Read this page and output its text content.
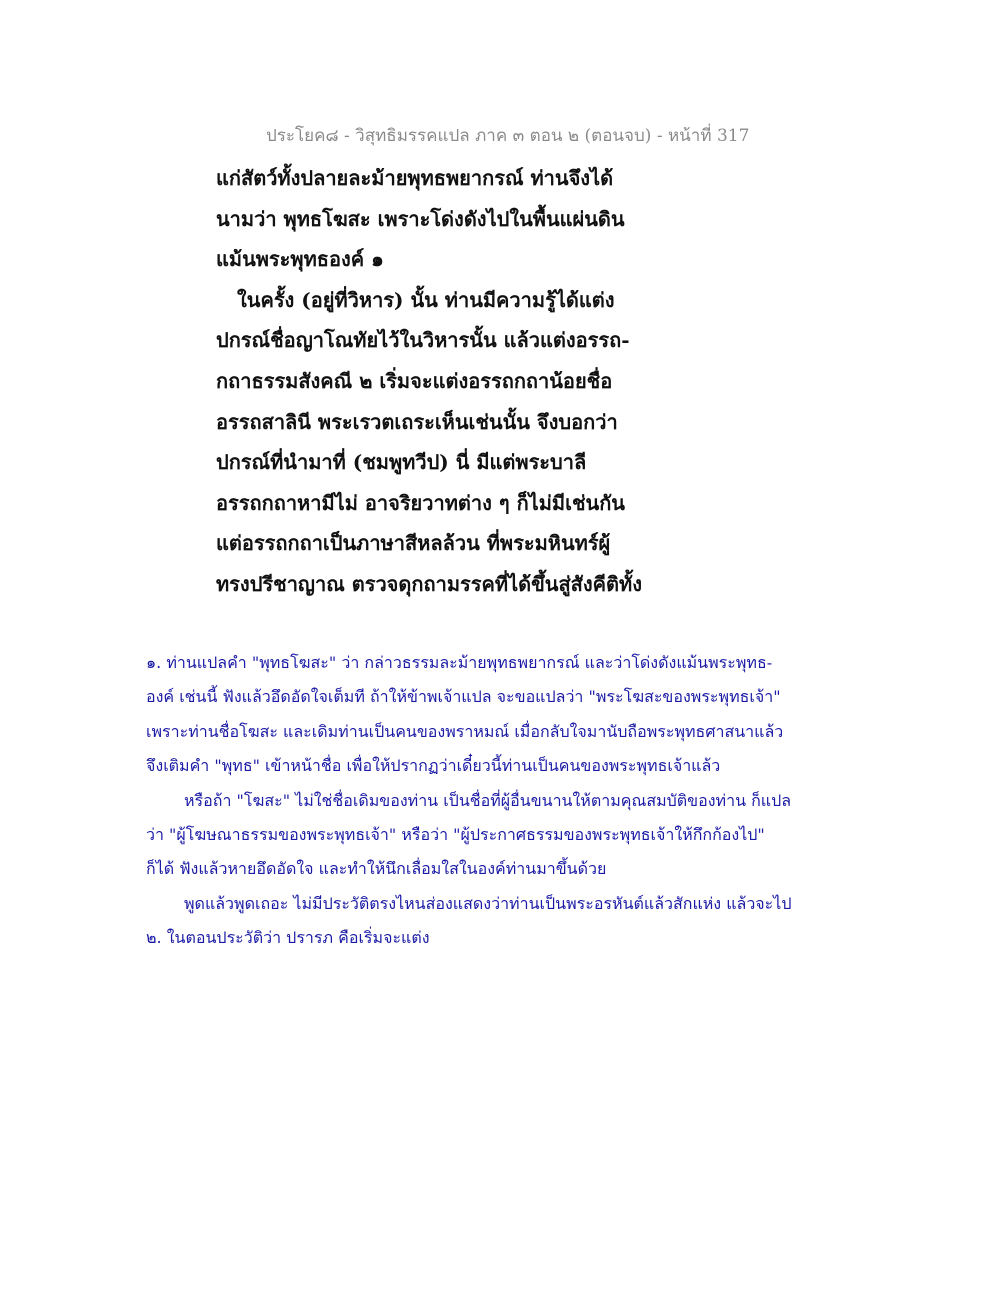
ประโยค๘ - วิสุทธิมรรคแปล ภาค ๓ ตอน ๒ (ตอนจบ) - หน้าที่ 317
แก่สัตว์ทั้งปลายละม้ายพุทธพยากรณ์ ท่านจึงได้
นามว่า พุทธโฆสะ เพราะโด่งดังไปในพื้นแผ่นดิน
แม้นพระพุทธองค์ ๑
ในครั้ง (อยู่ที่วิหาร) นั้น ท่านมีความรู้ได้แต่ง
ปกรณ์ชื่อญาโณทัยไว้ในวิหารนั้น แล้วแต่งอรรถ-
กถาธรรมสังคณี ๒ เริ่มจะแต่งอรรถกถาน้อยชื่อ
อรรถสาลินี พระเรวตเถระเห็นเช่นนั้น จึงบอกว่า
ปกรณ์ที่นำมาที่ (ชมพูทวีป) นี่ มีแต่พระบาลี
อรรถกถาหามีไม่ อาจริยวาทต่าง ๆ ก็ไม่มีเช่นกัน
แต่อรรถกถาเป็นภาษาสีหลล้วน ที่พระมหินทร์ผู้
ทรงปรีชาญาณ ตรวจดุกถามรรคที่ได้ขึ้นสู่สังคีติทั้ง
๑. ท่านแปลคำ "พุทธโฆสะ" ว่า กล่าวธรรมละม้ายพุทธพยากรณ์ และว่าโด่งดังแม้นพระพุทธ-
องค์ เช่นนี้ ฟังแล้วอึดอัดใจเต็มที ถ้าให้ข้าพเจ้าแปล จะขอแปลว่า "พระโฆสะของพระพุทธเจ้า"
เพราะท่านชื่อโฆสะ และเดิมท่านเป็นคนของพราหมณ์ เมื่อกลับใจมานับถือพระพุทธศาสนาแล้ว
จึงเติมคำ "พุทธ" เข้าหน้าชื่อ เพื่อให้ปรากฏว่าเดี๋ยวนี้ท่านเป็นคนของพระพุทธเจ้าแล้ว
หรือถ้า "โฆสะ" ไม่ใช่ชื่อเดิมของท่าน เป็นชื่อที่ผู้อื่นขนานให้ตามคุณสมบัติของท่าน ก็แปล
ว่า "ผู้โฆษณาธรรมของพระพุทธเจ้า" หรือว่า "ผู้ประกาศธรรมของพระพุทธเจ้าให้กึกก้องไป"
ก็ได้ ฟังแล้วหายอึดอัดใจ และทำให้นึกเลื่อมใสในองค์ท่านมาขึ้นด้วย
พูดแล้วพูดเถอะ ไม่มีประวัติตรงไหนส่องแสดงว่าท่านเป็นพระอรหันต์แล้วสักแห่ง แล้วจะไป
๒. ในตอนประวัติว่า ปรารภ คือเริ่มจะแต่ง
